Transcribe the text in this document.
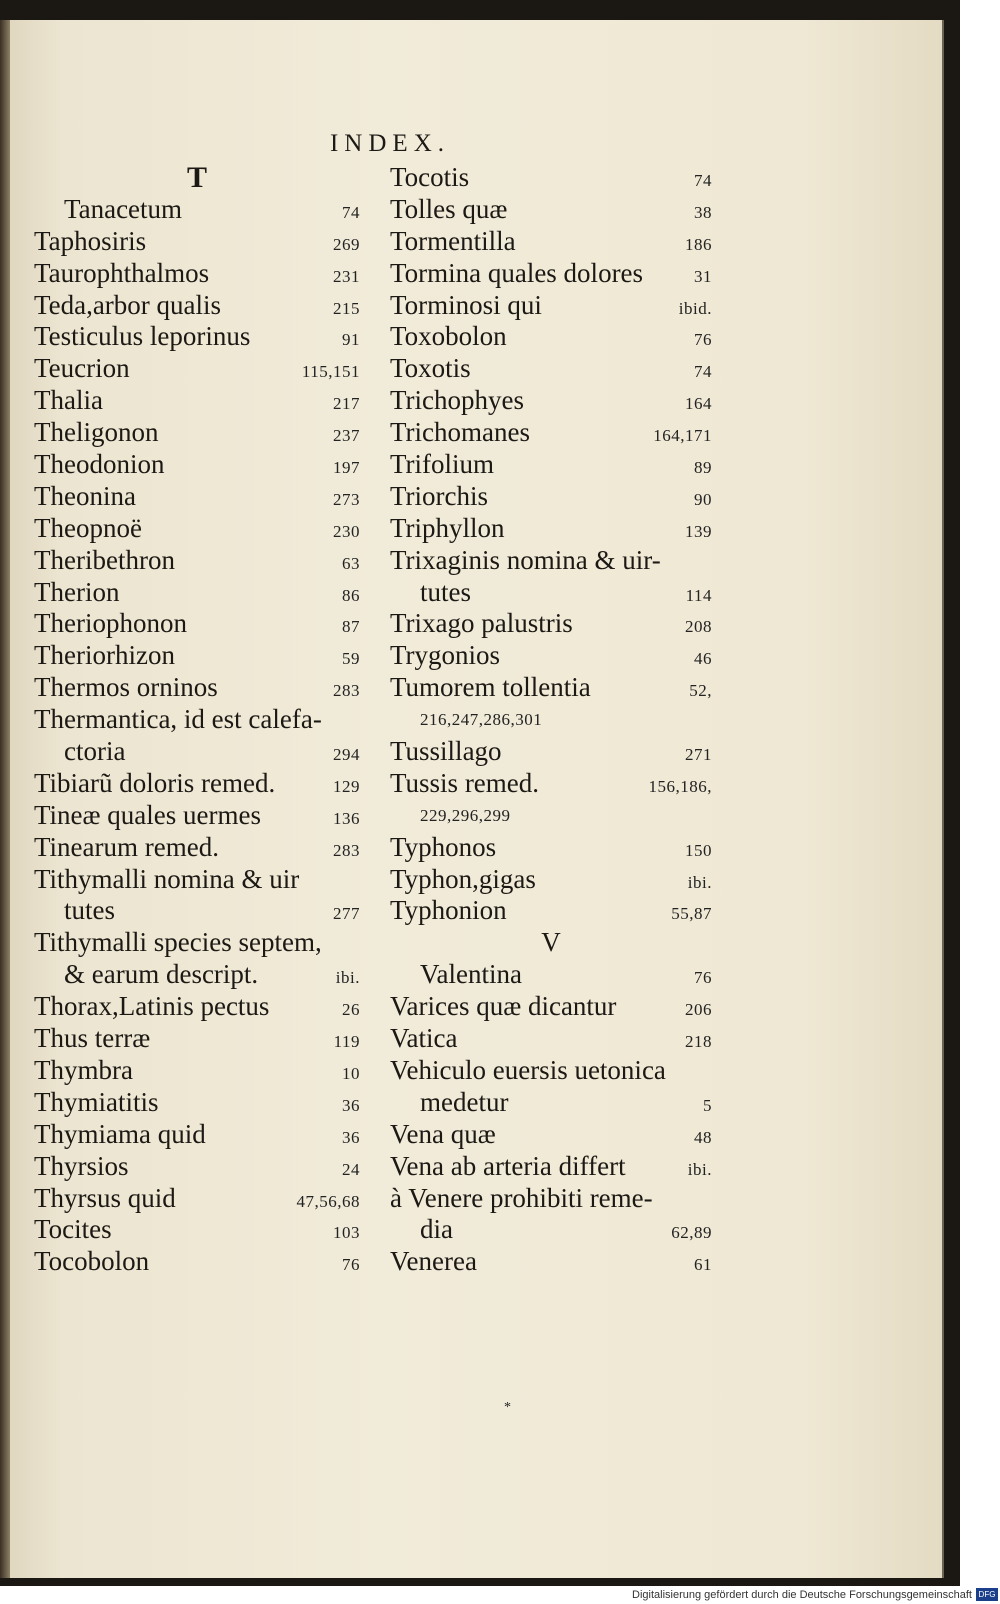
INDEX.
T
Tanacetum	74
Taphosiris	269
Taurophthalmos	231
Teda,arbor qualis	215
Testiculus leporinus	91
Teucrion	115,151
Thalia	217
Theligonon	237
Theodonion	197
Theonina	273
Theopnoë	230
Theribethron	63
Therion	86
Theriophonon	87
Theriorhizon	59
Thermos orninos	283
Thermantica, id est calefa-
ctoria	294
Tibiarũ doloris remed.	129
Tineæ quales uermes	136
Tinearum remed.	283
Tithymalli nomina & uir
tutes	277
Tithymalli species septem,
& earum descript.	ibi.
Thorax,Latinis pectus	26
Thus terræ	119
Thymbra	10
Thymiatitis	36
Thymiama quid	36
Thyrsios	24
Thyrsus quid	47,56,68
Tocites	103
Tocobolon	76
Tocotis	74
Tolles quæ	38
Tormentilla	186
Tormina quales dolores	31
Torminosi qui	ibid.
Toxobolon	76
Toxotis	74
Trichophyes	164
Trichomanes	164,171
Trifolium	89
Triorchis	90
Triphyllon	139
Trixaginis nomina & uir-
tutes	114
Trixago palustris	208
Trygonios	46
Tumorem tollentia	52,
216,247,286,301
Tussillago	271
Tussis remed.	156,186,
229,296,299
Typhonos	150
Typhon,gigas	ibi.
Typhonion	55,87
V
Valentina	76
Varices quæ dicantur	206
Vatica	218
Vehiculo euersis uetonica
medetur	5
Vena quæ	48
Vena ab arteria differt	ibi.
à Venere prohibiti reme-
dia	62,89
Venerea	61
*
Digitalisierung gefördert durch die Deutsche Forschungsgemeinschaft DFG
